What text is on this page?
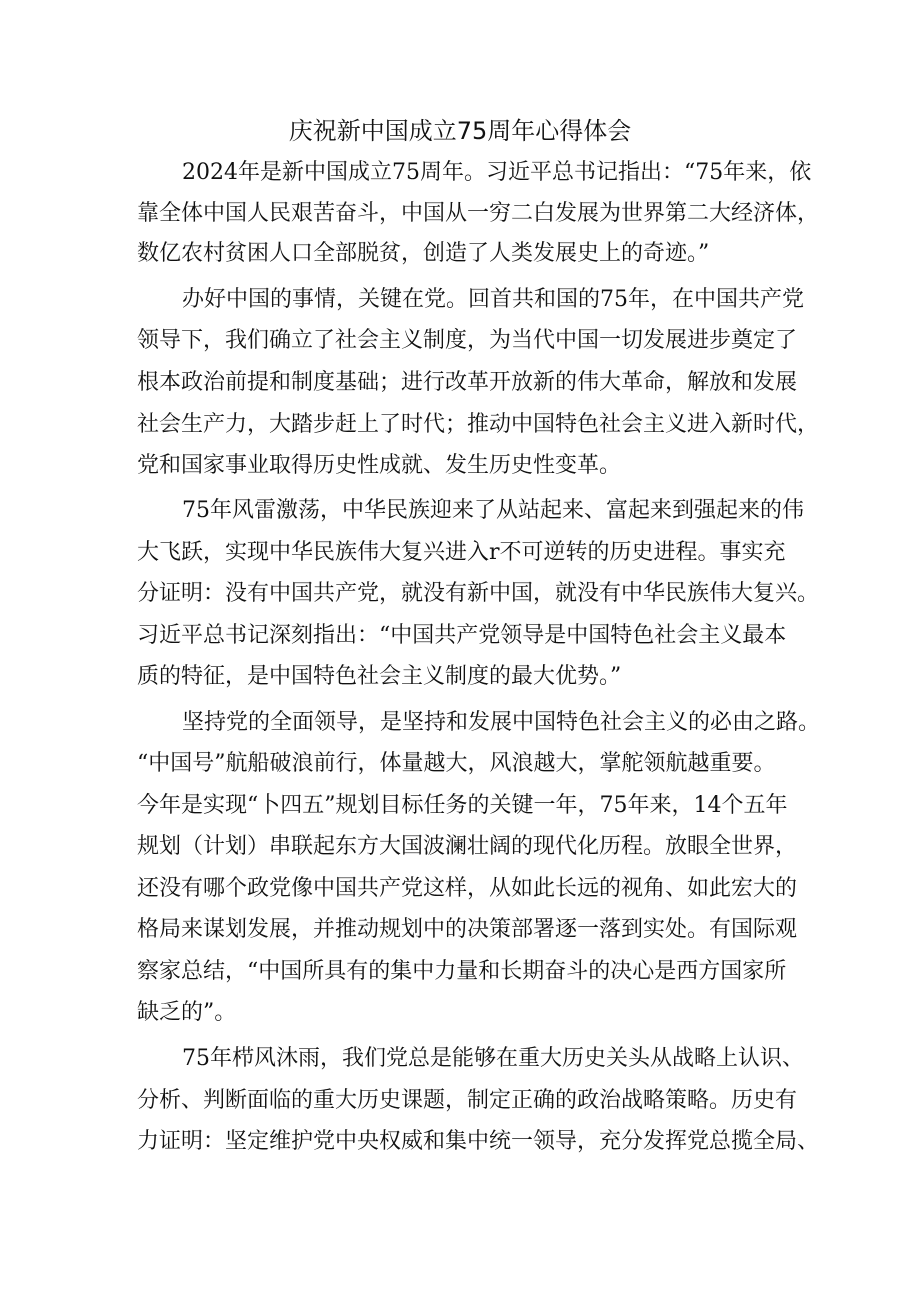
庆祝新中国成立75周年心得体会
2024年是新中国成立75周年。习近平总书记指出：“75年来，依
靠全体中国人民艰苦奋斗，中国从一穷二白发展为世界第二大经济体，
数亿农村贫困人口全部脱贫，创造了人类发展史上的奇迹。”
办好中国的事情，关键在党。回首共和国的75年，在中国共产党
领导下，我们确立了社会主义制度，为当代中国一切发展进步奠定了
根本政治前提和制度基础；进行改革开放新的伟大革命，解放和发展
社会生产力，大踏步赶上了时代；推动中国特色社会主义进入新时代，
党和国家事业取得历史性成就、发生历史性变革。
75年风雷激荡，中华民族迎来了从站起来、富起来到强起来的伟
大飞跃，实现中华民族伟大复兴进入r不可逆转的历史进程。事实充
分证明：没有中国共产党，就没有新中国，就没有中华民族伟大复兴。
习近平总书记深刻指出：“中国共产党领导是中国特色社会主义最本
质的特征，是中国特色社会主义制度的最大优势。”
坚持党的全面领导，是坚持和发展中国特色社会主义的必由之路。
“中国号”航船破浪前行，体量越大，风浪越大，掌舵领航越重要。
今年是实现“卜四五”规划目标任务的关键一年，75年来，14个五年
规划（计划）串联起东方大国波澜壮阔的现代化历程。放眼全世界，
还没有哪个政党像中国共产党这样，从如此长远的视角、如此宏大的
格局来谋划发展，并推动规划中的决策部署逐一落到实处。有国际观
察家总结，“中国所具有的集中力量和长期奋斗的决心是西方国家所
缺乏的”。
75年栉风沐雨，我们党总是能够在重大历史关头从战略上认识、
分析、判断面临的重大历史课题，制定正确的政治战略策略。历史有
力证明：坚定维护党中央权威和集中统一领导，充分发挥党总揽全局、
